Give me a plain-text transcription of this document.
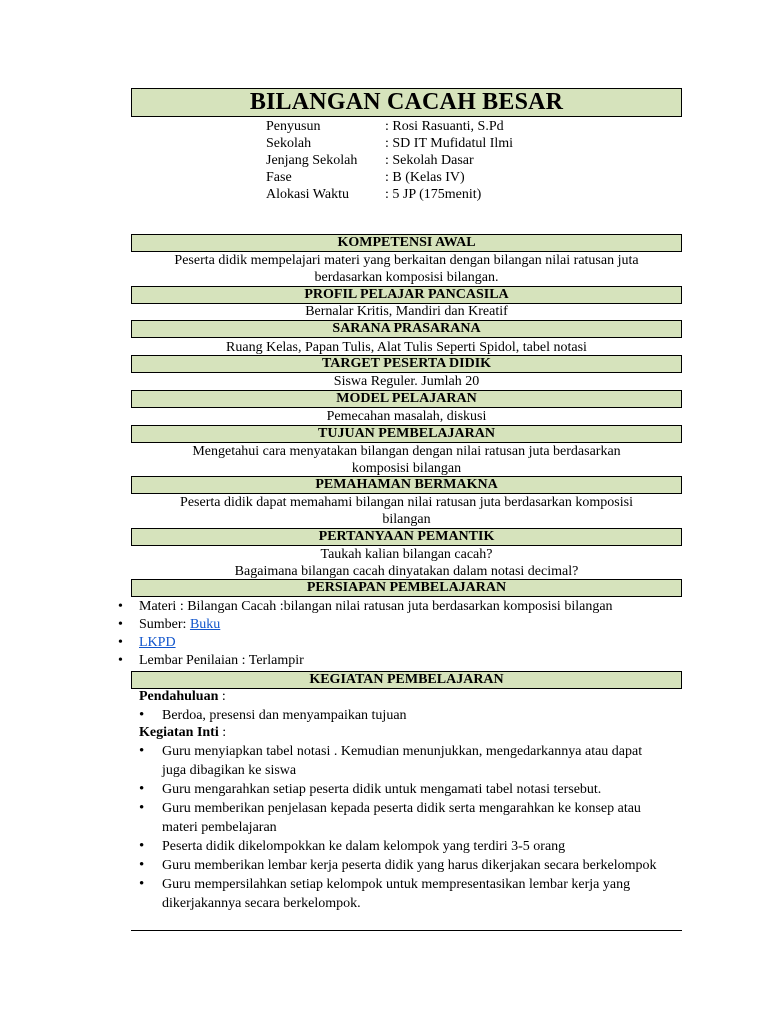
BILANGAN CACAH BESAR
Penyusun	: Rosi Rasuanti, S.Pd
Sekolah	: SD IT Mufidatul Ilmi
Jenjang Sekolah	: Sekolah Dasar
Fase	: B (Kelas IV)
Alokasi Waktu	: 5 JP (175menit)
KOMPETENSI AWAL
Peserta didik mempelajari materi yang berkaitan dengan bilangan nilai ratusan juta
berdasarkan komposisi bilangan.
PROFIL PELAJAR PANCASILA
Bernalar Kritis, Mandiri dan Kreatif
SARANA PRASARANA
Ruang Kelas, Papan Tulis, Alat Tulis Seperti Spidol, tabel notasi
TARGET PESERTA DIDIK
Siswa Reguler. Jumlah 20
MODEL PELAJARAN
Pemecahan masalah, diskusi
TUJUAN PEMBELAJARAN
Mengetahui cara menyatakan bilangan dengan nilai ratusan juta berdasarkan
komposisi bilangan
PEMAHAMAN BERMAKNA
Peserta didik dapat memahami bilangan nilai ratusan juta berdasarkan komposisi
bilangan
PERTANYAAN PEMANTIK
Taukah kalian bilangan cacah?
Bagaimana bilangan cacah dinyatakan dalam notasi decimal?
PERSIAPAN PEMBELAJARAN
• Materi : Bilangan Cacah :bilangan nilai ratusan juta berdasarkan komposisi bilangan
• Sumber: Buku
• LKPD
• Lembar Penilaian : Terlampir
KEGIATAN PEMBELAJARAN
Pendahuluan :
• Berdoa, presensi dan menyampaikan tujuan
Kegiatan Inti :
• Guru menyiapkan tabel notasi . Kemudian menunjukkan, mengedarkannya atau dapat juga dibagikan ke siswa
• Guru mengarahkan setiap peserta didik untuk mengamati tabel notasi tersebut.
• Guru memberikan penjelasan kepada peserta didik serta mengarahkan ke konsep atau materi pembelajaran
• Peserta didik dikelompokkan ke dalam kelompok yang terdiri 3-5 orang
• Guru memberikan lembar kerja peserta didik yang harus dikerjakan secara berkelompok
• Guru mempersilahkan setiap kelompok untuk mempresentasikan lembar kerja yang dikerjakannya secara berkelompok.
